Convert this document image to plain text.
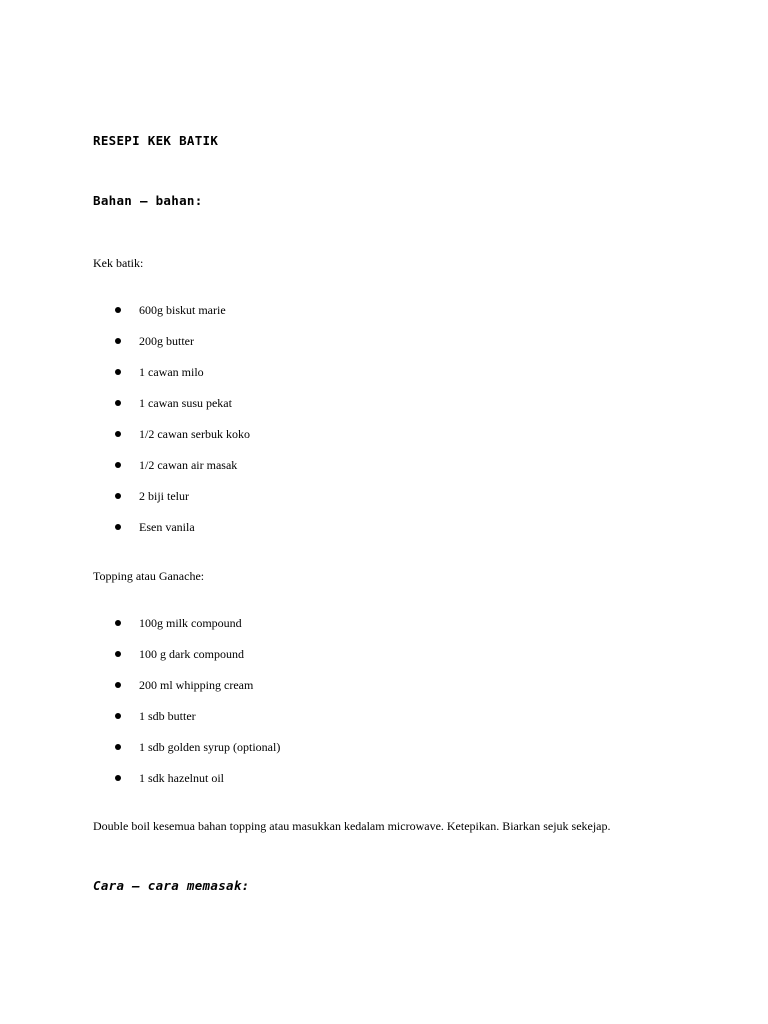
RESEPI KEK BATIK
Bahan – bahan:
Kek batik:
600g biskut marie
200g butter
1 cawan milo
1 cawan susu pekat
1/2 cawan serbuk koko
1/2 cawan air masak
2 biji telur
Esen vanila
Topping atau Ganache:
100g milk compound
100 g dark compound
200 ml whipping cream
1 sdb butter
1 sdb golden syrup (optional)
1 sdk hazelnut oil
Double boil kesemua bahan topping atau masukkan kedalam microwave. Ketepikan. Biarkan sejuk sekejap.
Cara – cara memasak:
